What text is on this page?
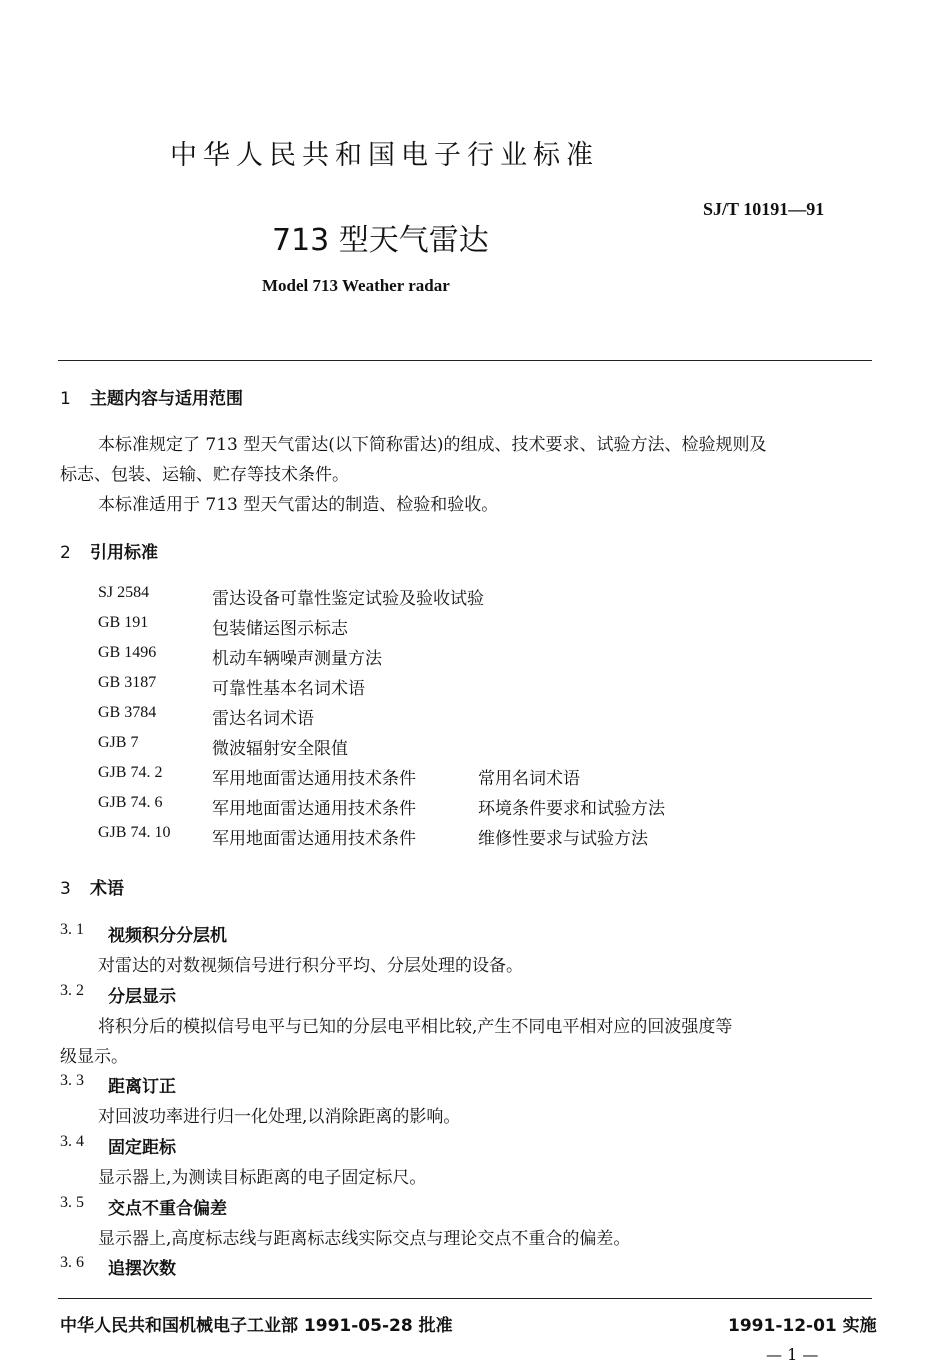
中华人民共和国电子行业标准
SJ/T 10191—91
713 型天气雷达
Model 713 Weather radar
1 主题内容与适用范围
本标准规定了 713 型天气雷达(以下简称雷达)的组成、技术要求、试验方法、检验规则及
标志、包装、运输、贮存等技术条件。
本标准适用于 713 型天气雷达的制造、检验和验收。
2 引用标准
SJ 2584	雷达设备可靠性鉴定试验及验收试验
GB 191	包装储运图示标志
GB 1496	机动车辆噪声测量方法
GB 3187	可靠性基本名词术语
GB 3784	雷达名词术语
GJB 7	微波辐射安全限值
GJB 74. 2	军用地面雷达通用技术条件	常用名词术语
GJB 74. 6	军用地面雷达通用技术条件	环境条件要求和试验方法
GJB 74. 10 军用地面雷达通用技术条件	维修性要求与试验方法
3 术语
3. 1 视频积分分层机
对雷达的对数视频信号进行积分平均、分层处理的设备。
3. 2 分层显示
将积分后的模拟信号电平与已知的分层电平相比较,产生不同电平相对应的回波强度等
级显示。
3. 3 距离订正
对回波功率进行归一化处理,以消除距离的影响。
3. 4 固定距标
显示器上,为测读目标距离的电子固定标尺。
3. 5 交点不重合偏差
显示器上,高度标志线与距离标志线实际交点与理论交点不重合的偏差。
3. 6 追摆次数
中华人民共和国机械电子工业部 1991-05-28 批准	1991-12-01 实施
— 1 —
